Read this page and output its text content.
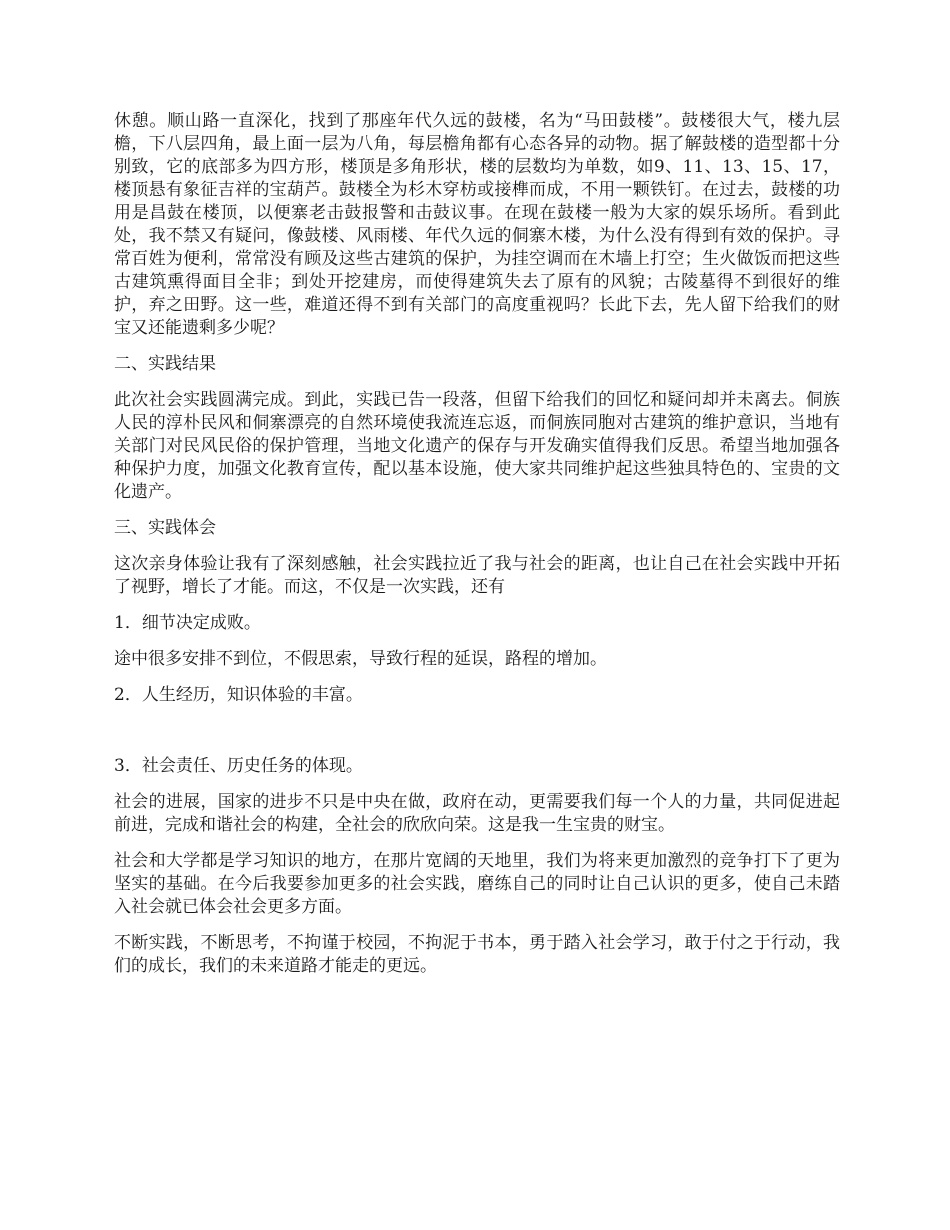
休憩。顺山路一直深化，找到了那座年代久远的鼓楼，名为“马田鼓楼”。鼓楼很大气，楼九层檐，下八层四角，最上面一层为八角，每层檐角都有心态各异的动物。据了解鼓楼的造型都十分别致，它的底部多为四方形，楼顶是多角形状，楼的层数均为单数，如9、11、13、15、17，楼顶悬有象征吉祥的宝葫芦。鼓楼全为杉木穿枋或接榫而成，不用一颗铁钉。在过去，鼓楼的功用是昌鼓在楼顶，以便寨老击鼓报警和击鼓议事。在现在鼓楼一般为大家的娱乐场所。看到此处，我不禁又有疑问，像鼓楼、风雨楼、年代久远的侗寨木楼，为什么没有得到有效的保护。寻常百姓为便利，常常没有顾及这些古建筑的保护，为挂空调而在木墙上打空；生火做饭而把这些古建筑熏得面目全非；到处开挖建房，而使得建筑失去了原有的风貌；古陵墓得不到很好的维护，弃之田野。这一些，难道还得不到有关部门的高度重视吗？长此下去，先人留下给我们的财宝又还能遗剩多少呢？

二、实践结果

此次社会实践圆满完成。到此，实践已告一段落，但留下给我们的回忆和疑问却并未离去。侗族人民的淳朴民风和侗寨漂亮的自然环境使我流连忘返，而侗族同胞对古建筑的维护意识，当地有关部门对民风民俗的保护管理，当地文化遗产的保存与开发确实值得我们反思。希望当地加强各种保护力度，加强文化教育宣传，配以基本设施，使大家共同维护起这些独具特色的、宝贵的文化遗产。

三、实践体会

这次亲身体验让我有了深刻感触，社会实践拉近了我与社会的距离，也让自己在社会实践中开拓了视野，增长了才能。而这，不仅是一次实践，还有

1．细节决定成败。

途中很多安排不到位，不假思索，导致行程的延误，路程的增加。

2．人生经历，知识体验的丰富。

3．社会责任、历史任务的体现。

社会的进展，国家的进步不只是中央在做，政府在动，更需要我们每一个人的力量，共同促进起前进，完成和谐社会的构建，全社会的欣欣向荣。这是我一生宝贵的财宝。

社会和大学都是学习知识的地方，在那片宽阔的天地里，我们为将来更加激烈的竞争打下了更为坚实的基础。在今后我要参加更多的社会实践，磨练自己的同时让自己认识的更多，使自己未踏入社会就已体会社会更多方面。

不断实践，不断思考，不拘谨于校园，不拘泥于书本，勇于踏入社会学习，敢于付之于行动，我们的成长，我们的未来道路才能走的更远。
